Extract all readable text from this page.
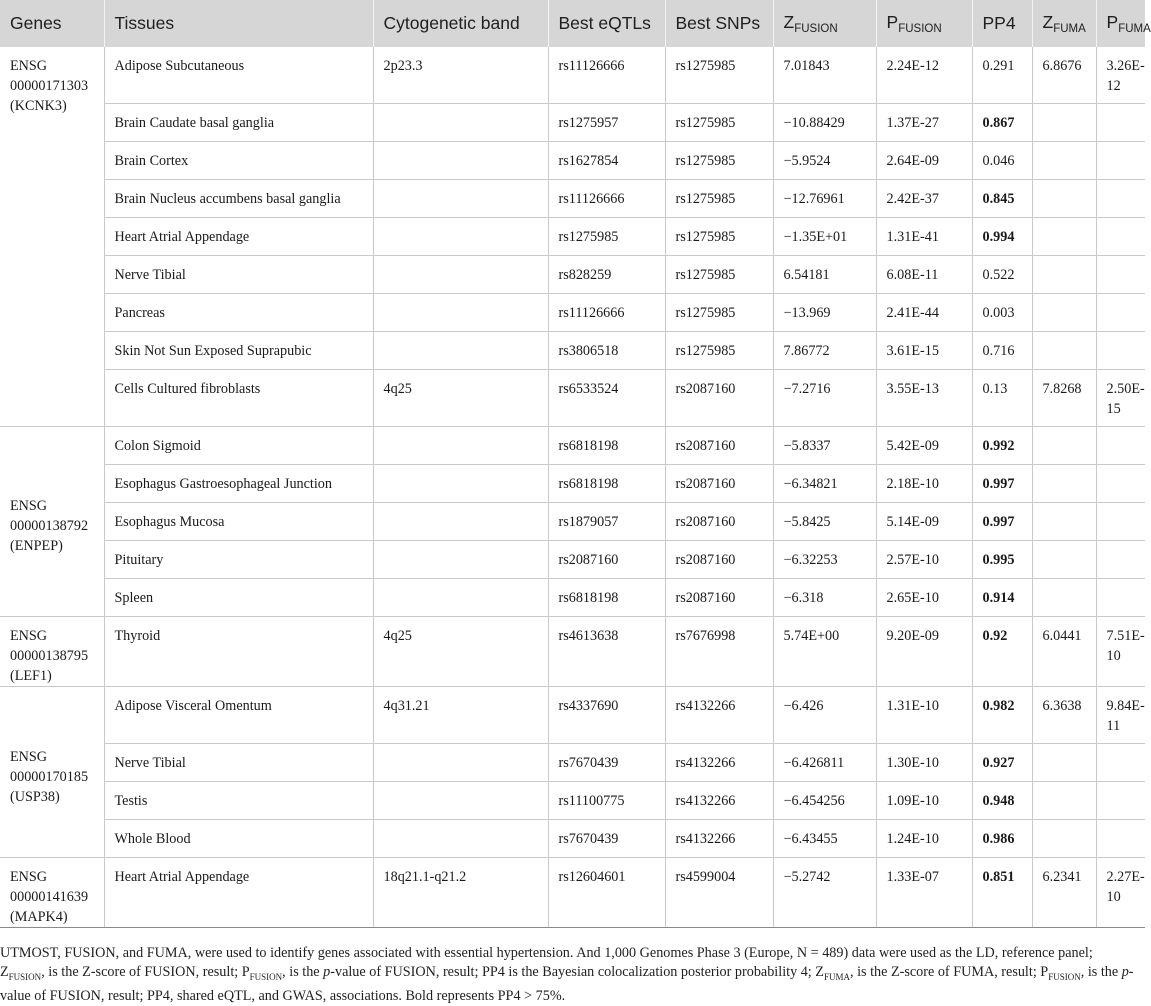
Genes	Tissues	Cytogenetic band	Best eQTLs	Best SNPs	$Z_{FUSION}$	$P_{FUSION}$	PP4	$Z_{FUMA}$	$P_{FUMA}$

ENSG
00000171303
(KCNK3)	Adipose Subcutaneous	2p23.3	rs11126666	rs1275985	7.01843	2.24E-12	0.291	6.8676	3.26E-12
	Brain Caudate basal ganglia		rs1275957	rs1275985	−10.88429	1.37E-27	0.867		
	Brain Cortex		rs1627854	rs1275985	−5.9524	2.64E-09	0.046		
	Brain Nucleus accumbens basal ganglia		rs11126666	rs1275985	−12.76961	2.42E-37	0.845		
	Heart Atrial Appendage		rs1275985	rs1275985	−1.35E+01	1.31E-41	0.994		
	Nerve Tibial		rs828259	rs1275985	6.54181	6.08E-11	0.522		
	Pancreas		rs11126666	rs1275985	−13.969	2.41E-44	0.003		
	Skin Not Sun Exposed Suprapubic		rs3806518	rs1275985	7.86772	3.61E-15	0.716		
	Cells Cultured fibroblasts	4q25	rs6533524	rs2087160	−7.2716	3.55E-13	0.13	7.8268	2.50E-15

ENSG
00000138792
(ENPEP)	Colon Sigmoid		rs6818198	rs2087160	−5.8337	5.42E-09	0.992		
	Esophagus Gastroesophageal Junction		rs6818198	rs2087160	−6.34821	2.18E-10	0.997		
	Esophagus Mucosa		rs1879057	rs2087160	−5.8425	5.14E-09	0.997		
	Pituitary		rs2087160	rs2087160	−6.32253	2.57E-10	0.995		
	Spleen		rs6818198	rs2087160	−6.318	2.65E-10	0.914		

ENSG
00000138795
(LEF1)	Thyroid	4q25	rs4613638	rs7676998	5.74E+00	9.20E-09	0.92	6.0441	7.51E-10

ENSG
00000170185
(USP38)	Adipose Visceral Omentum	4q31.21	rs4337690	rs4132266	−6.426	1.31E-10	0.982	6.3638	9.84E-11
	Nerve Tibial		rs7670439	rs4132266	−6.426811	1.30E-10	0.927		
	Testis		rs11100775	rs4132266	−6.454256	1.09E-10	0.948		
	Whole Blood		rs7670439	rs4132266	−6.43455	1.24E-10	0.986		

ENSG
00000141639
(MAPK4)	Heart Atrial Appendage	18q21.1-q21.2	rs12604601	rs4599004	−5.2742	1.33E-07	0.851	6.2341	2.27E-10
UTMOST, FUSION, and FUMA, were used to identify genes associated with essential hypertension. And 1,000 Genomes Phase 3 (Europe, N = 489) data were used as the LD, reference panel; $Z_{FUSION}$, is the Z-score of FUSION, result; $P_{FUSION}$, is the p-value of FUSION, result; PP4 is the Bayesian colocalization posterior probability 4; $Z_{FUMA}$, is the Z-score of FUMA, result; $P_{FUSION}$, is the p-value of FUSION, result; PP4, shared eQTL, and GWAS, associations. Bold represents PP4 > 75%.
